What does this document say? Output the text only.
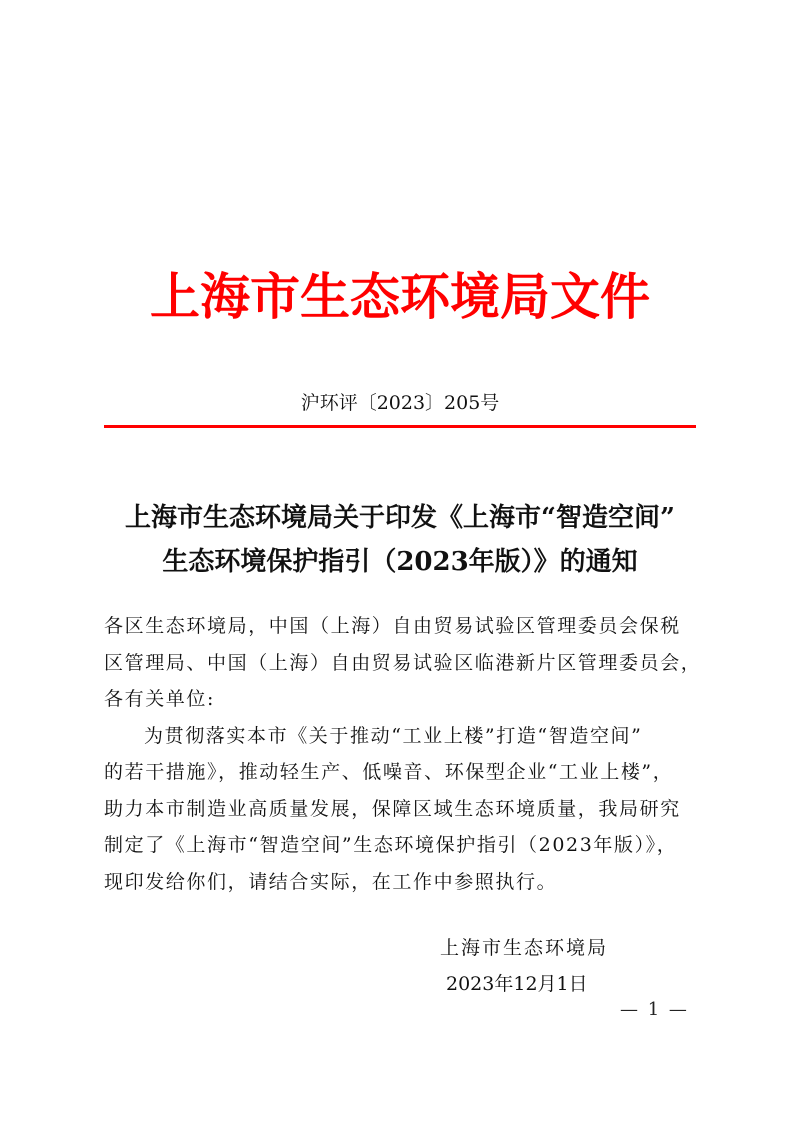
上海市生态环境局文件
沪环评〔2023〕205号
上海市生态环境局关于印发《上海市“智造空间”
生态环境保护指引（2023年版）》的通知
各区生态环境局，中国（上海）自由贸易试验区管理委员会保税
区管理局、中国（上海）自由贸易试验区临港新片区管理委员会，
各有关单位:
为贯彻落实本市《关于推动“工业上楼”打造“智造空间”
的若干措施》，推动轻生产、低噪音、环保型企业“工业上楼”，
助力本市制造业高质量发展，保障区域生态环境质量，我局研究
制定了《上海市“智造空间”生态环境保护指引（2023年版）》，
现印发给你们，请结合实际，在工作中参照执行。
上海市生态环境局
2023年12月1日
— 1 —
